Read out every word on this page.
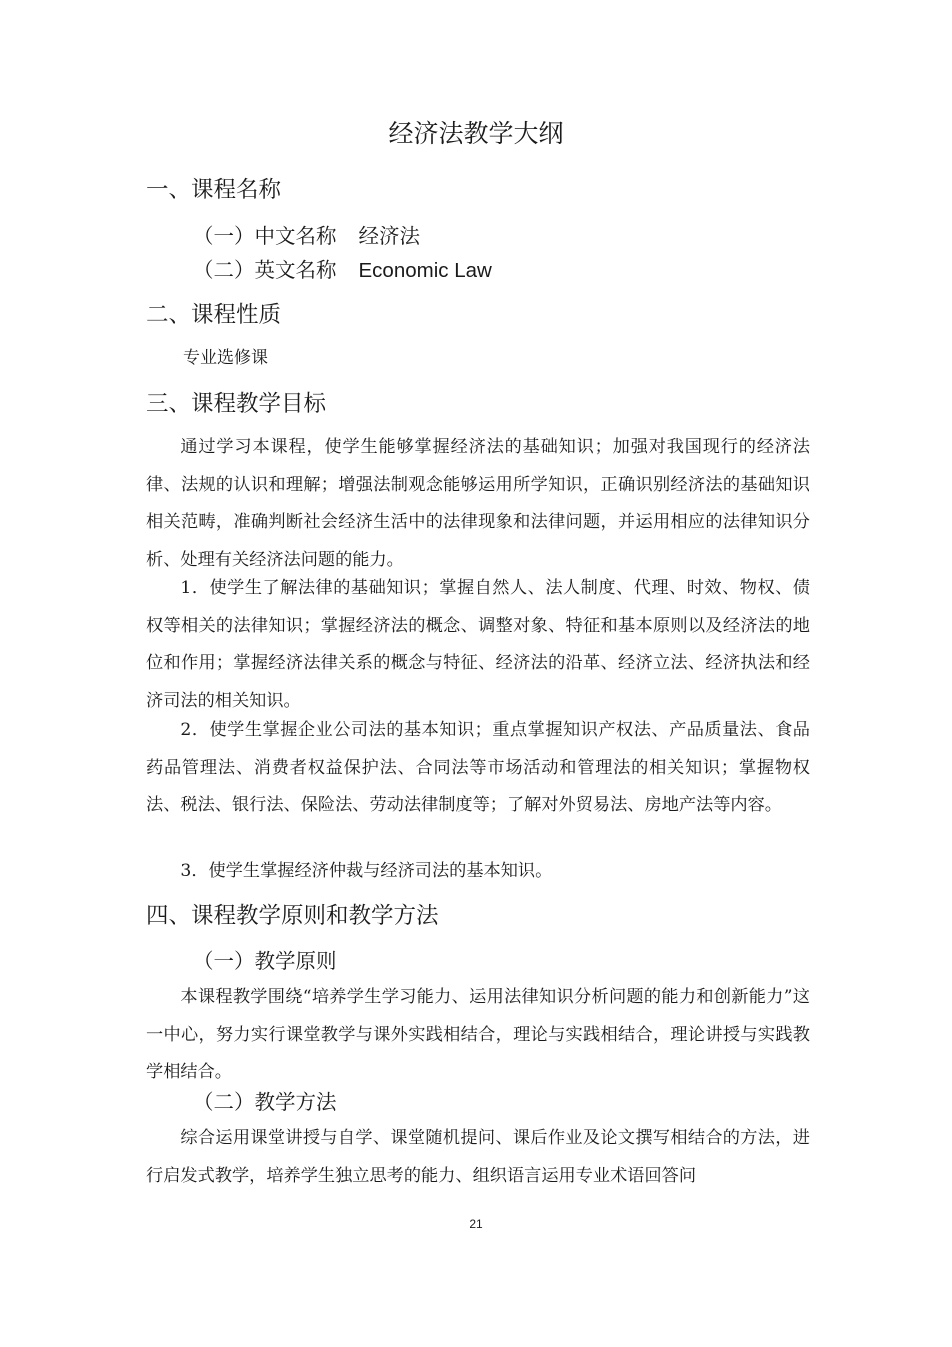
经济法教学大纲
一、课程名称
（一）中文名称 经济法
（二）英文名称 Economic Law
二、课程性质
专业选修课
三、课程教学目标

通过学习本课程，使学生能够掌握经济法的基础知识；加强对我国现行的经济法律、法规的认识和理解；增强法制观念能够运用所学知识，正确识别经济法的基础知识相关范畴，准确判断社会经济生活中的法律现象和法律问题，并运用相应的法律知识分析、处理有关经济法问题的能力。

1．使学生了解法律的基础知识；掌握自然人、法人制度、代理、时效、物权、债权等相关的法律知识；掌握经济法的概念、调整对象、特征和基本原则以及经济法的地位和作用；掌握经济法律关系的概念与特征、经济法的沿革、经济立法、经济执法和经济司法的相关知识。

2．使学生掌握企业公司法的基本知识；重点掌握知识产权法、产品质量法、食品药品管理法、消费者权益保护法、合同法等市场活动和管理法的相关知识；掌握物权法、税法、银行法、保险法、劳动法律制度等；了解对外贸易法、房地产法等内容。

3．使学生掌握经济仲裁与经济司法的基本知识。

四、课程教学原则和教学方法
（一）教学原则

本课程教学围绕“培养学生学习能力、运用法律知识分析问题的能力和创新能力”这一中心，努力实行课堂教学与课外实践相结合，理论与实践相结合，理论讲授与实践教学相结合。

（二）教学方法

综合运用课堂讲授与自学、课堂随机提问、课后作业及论文撰写相结合的方法，进行启发式教学，培养学生独立思考的能力、组织语言运用专业术语回答问

21
